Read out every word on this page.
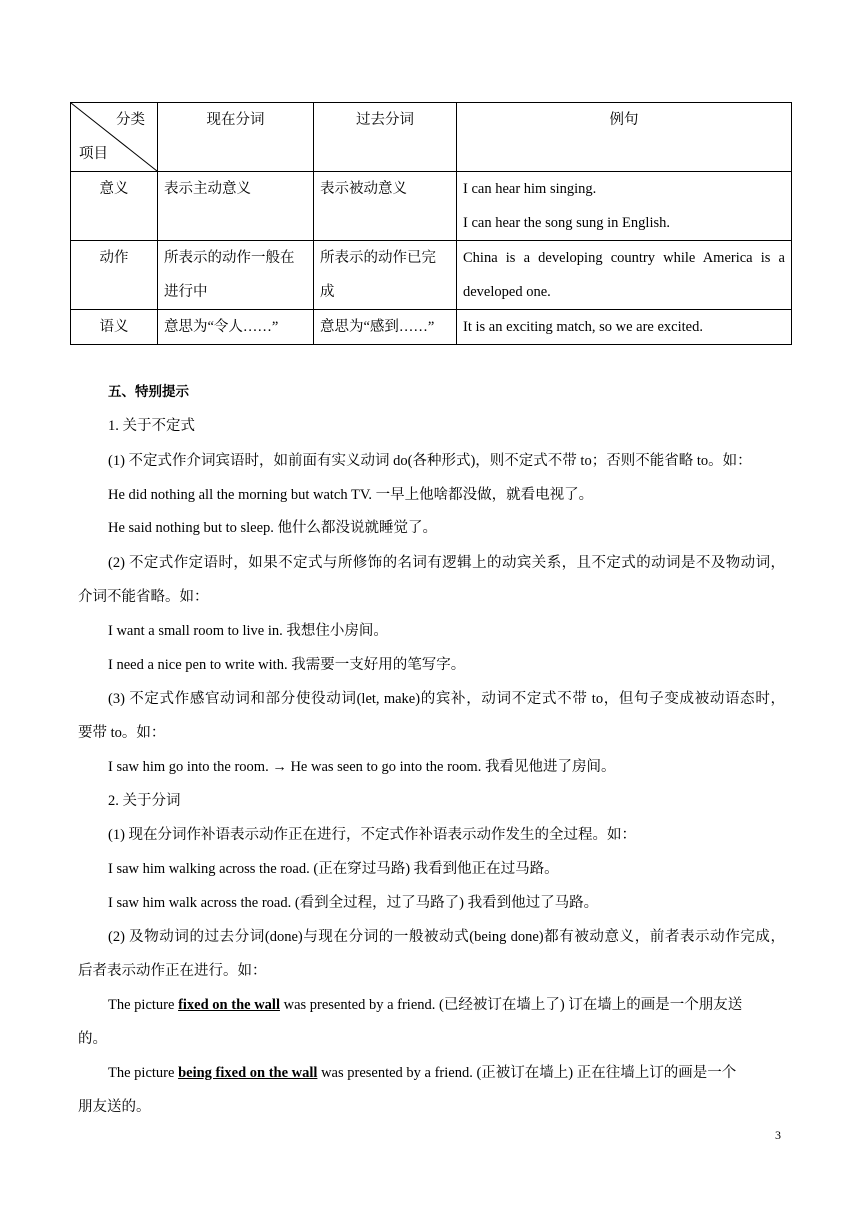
分类
项目	现在分词	过去分词	例句
意义	表示主动意义	表示被动意义	I can hear him singing.
I can hear the song sung in English.

动作	所表示的动作一般在进行中	所表示的动作已完成	China is a developing country while America is a developed one.
语义	意思为“令人……”	意思为“感到……”	It is an exciting match, so we are excited.
五、特别提示
1. 关于不定式
(1) 不定式作介词宾语时，如前面有实义动词 do(各种形式)，则不定式不带 to；否则不能省略 to。如：
He did nothing all the morning but watch TV. 一早上他啥都没做，就看电视了。
He said nothing but to sleep. 他什么都没说就睡觉了。
(2) 不定式作定语时，如果不定式与所修饰的名词有逻辑上的动宾关系，且不定式的动词是不及物动词，
介词不能省略。如：
I want a small room to live in. 我想住小房间。
I need a nice pen to write with. 我需要一支好用的笔写字。
(3) 不定式作感官动词和部分使役动词(let, make)的宾补，动词不定式不带 to，但句子变成被动语态时，
要带 to。如：
I saw him go into the room. → He was seen to go into the room. 我看见他进了房间。
2. 关于分词
(1) 现在分词作补语表示动作正在进行，不定式作补语表示动作发生的全过程。如：
I saw him walking across the road. (正在穿过马路) 我看到他正在过马路。
I saw him walk across the road. (看到全过程，过了马路了) 我看到他过了马路。
(2) 及物动词的过去分词(done)与现在分词的一般被动式(being done)都有被动意义，前者表示动作完成，
后者表示动作正在进行。如：
The picture fixed on the wall was presented by a friend. (已经被订在墙上了) 订在墙上的画是一个朋友送
的。
The picture being fixed on the wall was presented by a friend. (正被订在墙上) 正在往墙上订的画是一个
朋友送的。
3
